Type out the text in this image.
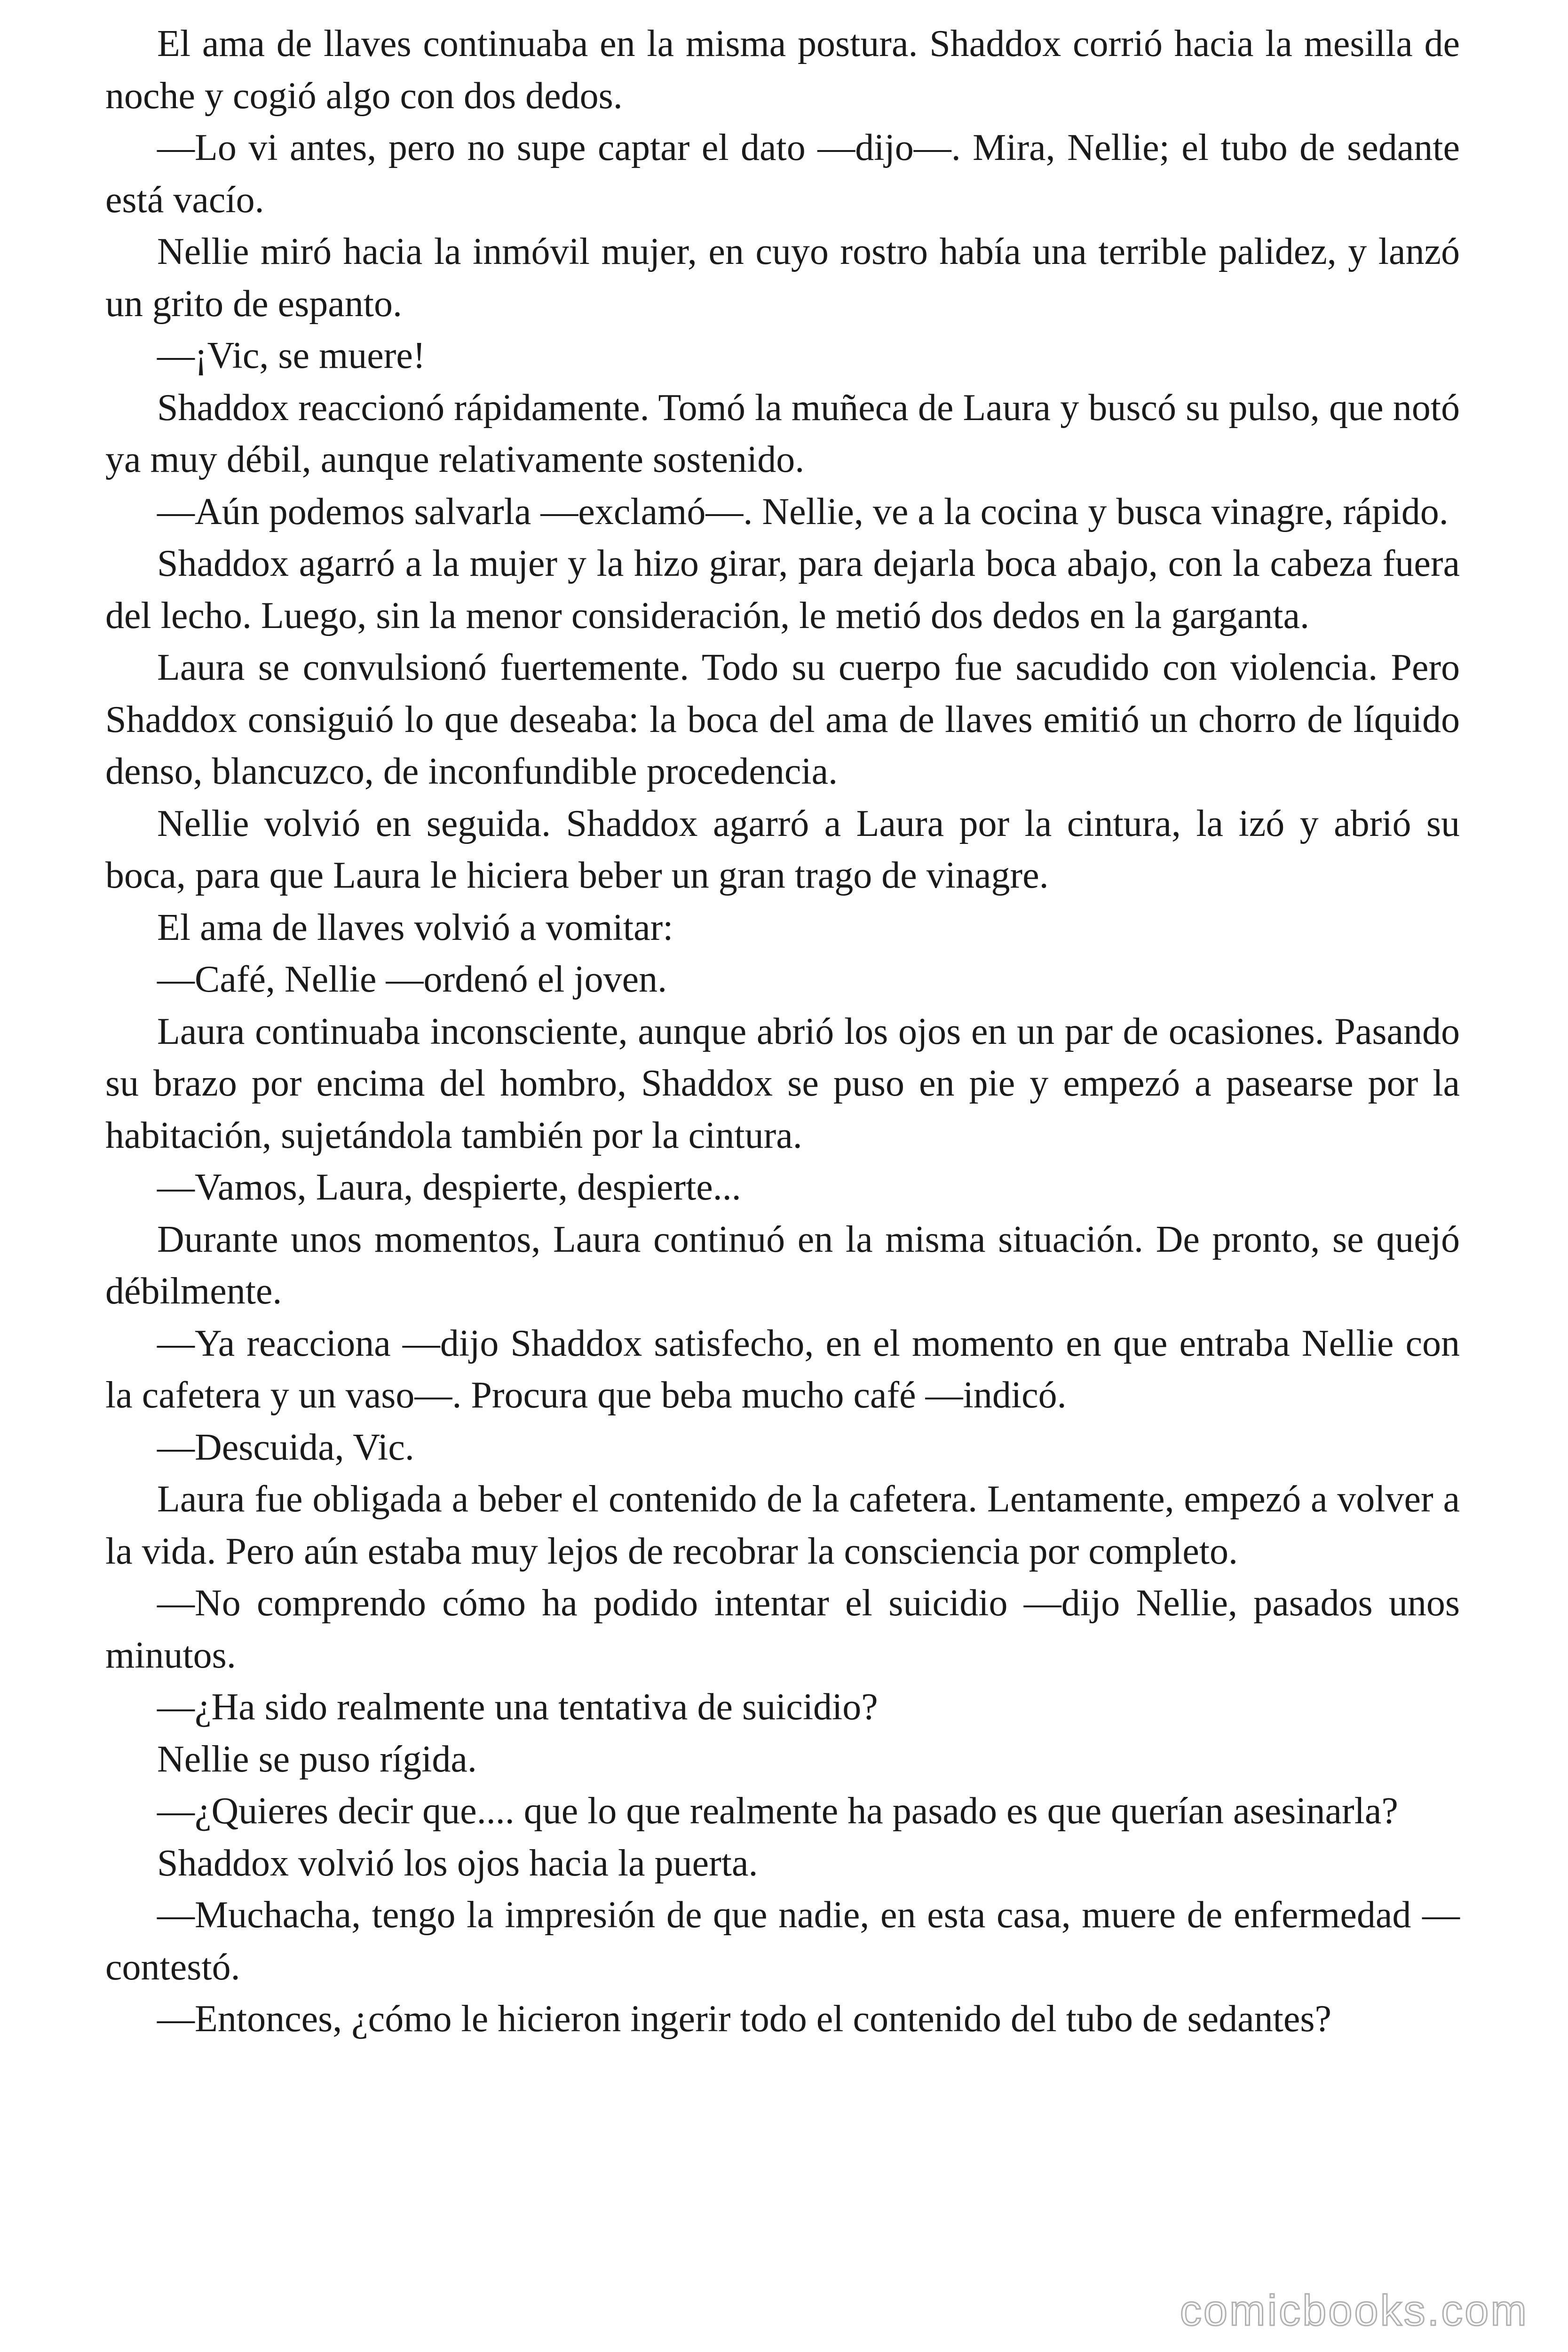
El ama de llaves continuaba en la misma postura. Shaddox corrió hacia la mesilla de noche y cogió algo con dos dedos.

—Lo vi antes, pero no supe captar el dato —dijo—. Mira, Nellie; el tubo de sedante está vacío.

Nellie miró hacia la inmóvil mujer, en cuyo rostro había una terrible palidez, y lanzó un grito de espanto.

—¡Vic, se muere!

Shaddox reaccionó rápidamente. Tomó la muñeca de Laura y buscó su pulso, que notó ya muy débil, aunque relativamente sostenido.

—Aún podemos salvarla —exclamó—. Nellie, ve a la cocina y busca vinagre, rápido.

Shaddox agarró a la mujer y la hizo girar, para dejarla boca abajo, con la cabeza fuera del lecho. Luego, sin la menor consideración, le metió dos dedos en la garganta.

Laura se convulsionó fuertemente. Todo su cuerpo fue sacudido con violencia. Pero Shaddox consiguió lo que deseaba: la boca del ama de llaves emitió un chorro de líquido denso, blancuzco, de inconfundible procedencia.

Nellie volvió en seguida. Shaddox agarró a Laura por la cintura, la izó y abrió su boca, para que Laura le hiciera beber un gran trago de vinagre.

El ama de llaves volvió a vomitar:

—Café, Nellie —ordenó el joven.

Laura continuaba inconsciente, aunque abrió los ojos en un par de ocasiones. Pasando su brazo por encima del hombro, Shaddox se puso en pie y empezó a pasearse por la habitación, sujetándola también por la cintura.

—Vamos, Laura, despierte, despierte...

Durante unos momentos, Laura continuó en la misma situación. De pronto, se quejó débilmente.

—Ya reacciona —dijo Shaddox satisfecho, en el momento en que entraba Nellie con la cafetera y un vaso—. Procura que beba mucho café —indicó.

—Descuida, Vic.

Laura fue obligada a beber el contenido de la cafetera. Lentamente, empezó a volver a la vida. Pero aún estaba muy lejos de recobrar la consciencia por completo.

—No comprendo cómo ha podido intentar el suicidio —dijo Nellie, pasados unos minutos.

—¿Ha sido realmente una tentativa de suicidio?

Nellie se puso rígida.

—¿Quieres decir que.... que lo que realmente ha pasado es que querían asesinarla?

Shaddox volvió los ojos hacia la puerta.

—Muchacha, tengo la impresión de que nadie, en esta casa, muere de enfermedad —contestó.

—Entonces, ¿cómo le hicieron ingerir todo el contenido del tubo de sedantes?

comicbooks.com
